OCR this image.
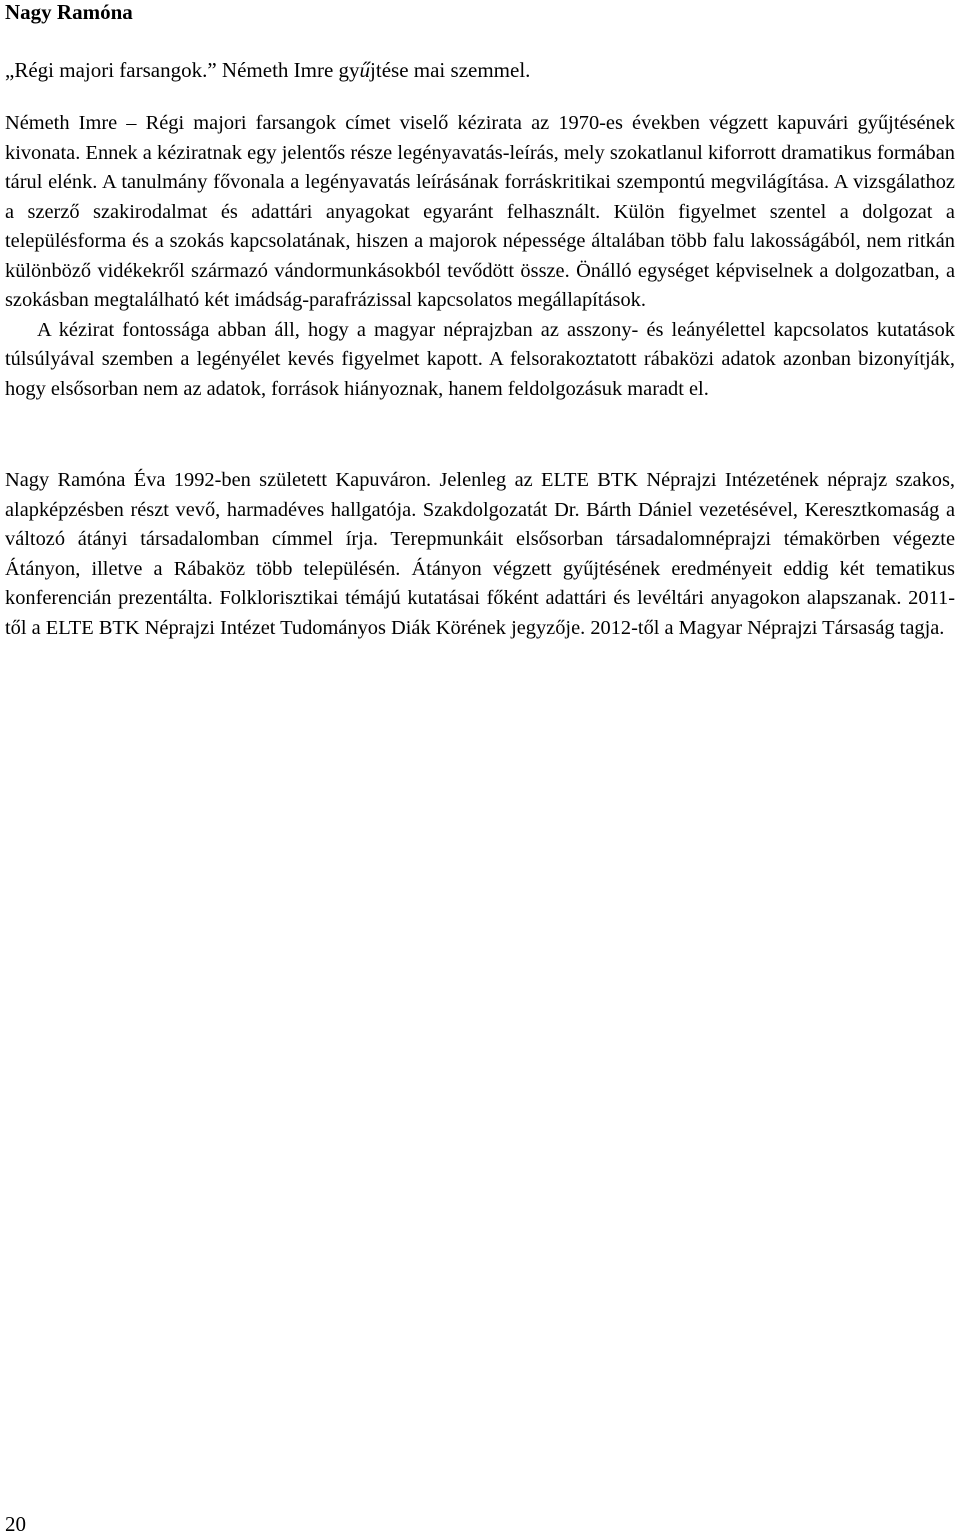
Nagy Ramóna

„Régi majori farsangok.” Németh Imre gyűjtése mai szemmel.

Németh Imre – Régi majori farsangok címet viselő kézirata az 1970-es években végzett kapuvári gyűjtésének kivonata. Ennek a kéziratnak egy jelentős része legényavatás-leírás, mely szokatlanul kiforrott dramatikus formában tárul elénk. A tanulmány fővonala a legényavatás leírásának forráskritikai szempontú megvilágítása. A vizsgálathoz a szerző szakirodalmat és adattári anyagokat egyaránt felhasznált. Külön figyelmet szentel a dolgozat a településforma és a szokás kapcsolatának, hiszen a majorok népessége általában több falu lakosságából, nem ritkán különböző vidékekről származó vándormunkásokból tevődött össze. Önálló egységet képviselnek a dolgozatban, a szokásban megtalálható két imádság-parafrázissal kapcsolatos megállapítások.

A kézirat fontossága abban áll, hogy a magyar néprajzban az asszony- és leányélettel kapcsolatos kutatások túlsúlyával szemben a legényélet kevés figyelmet kapott. A felsorakoztatott rábaközi adatok azonban bizonyítják, hogy elsősorban nem az adatok, források hiányoznak, hanem feldolgozásuk maradt el.

Nagy Ramóna Éva 1992-ben született Kapuváron. Jelenleg az ELTE BTK Néprajzi Intézetének néprajz szakos, alapképzésben részt vevő, harmadéves hallgatója. Szakdolgozatát Dr. Bárth Dániel vezetésével, Keresztkomaság a változó átányi társadalomban címmel írja. Terepmunkáit elsősorban társadalomnéprajzi témakörben végezte Átányon, illetve a Rábaköz több településén. Átányon végzett gyűjtésének eredményeit eddig két tematikus konferencián prezentálta. Folklorisztikai témájú kutatásai főként adattári és levéltári anyagokon alapszanak. 2011-től a ELTE BTK Néprajzi Intézet Tudományos Diák Körének jegyzője. 2012-től a Magyar Néprajzi Társaság tagja.

20
